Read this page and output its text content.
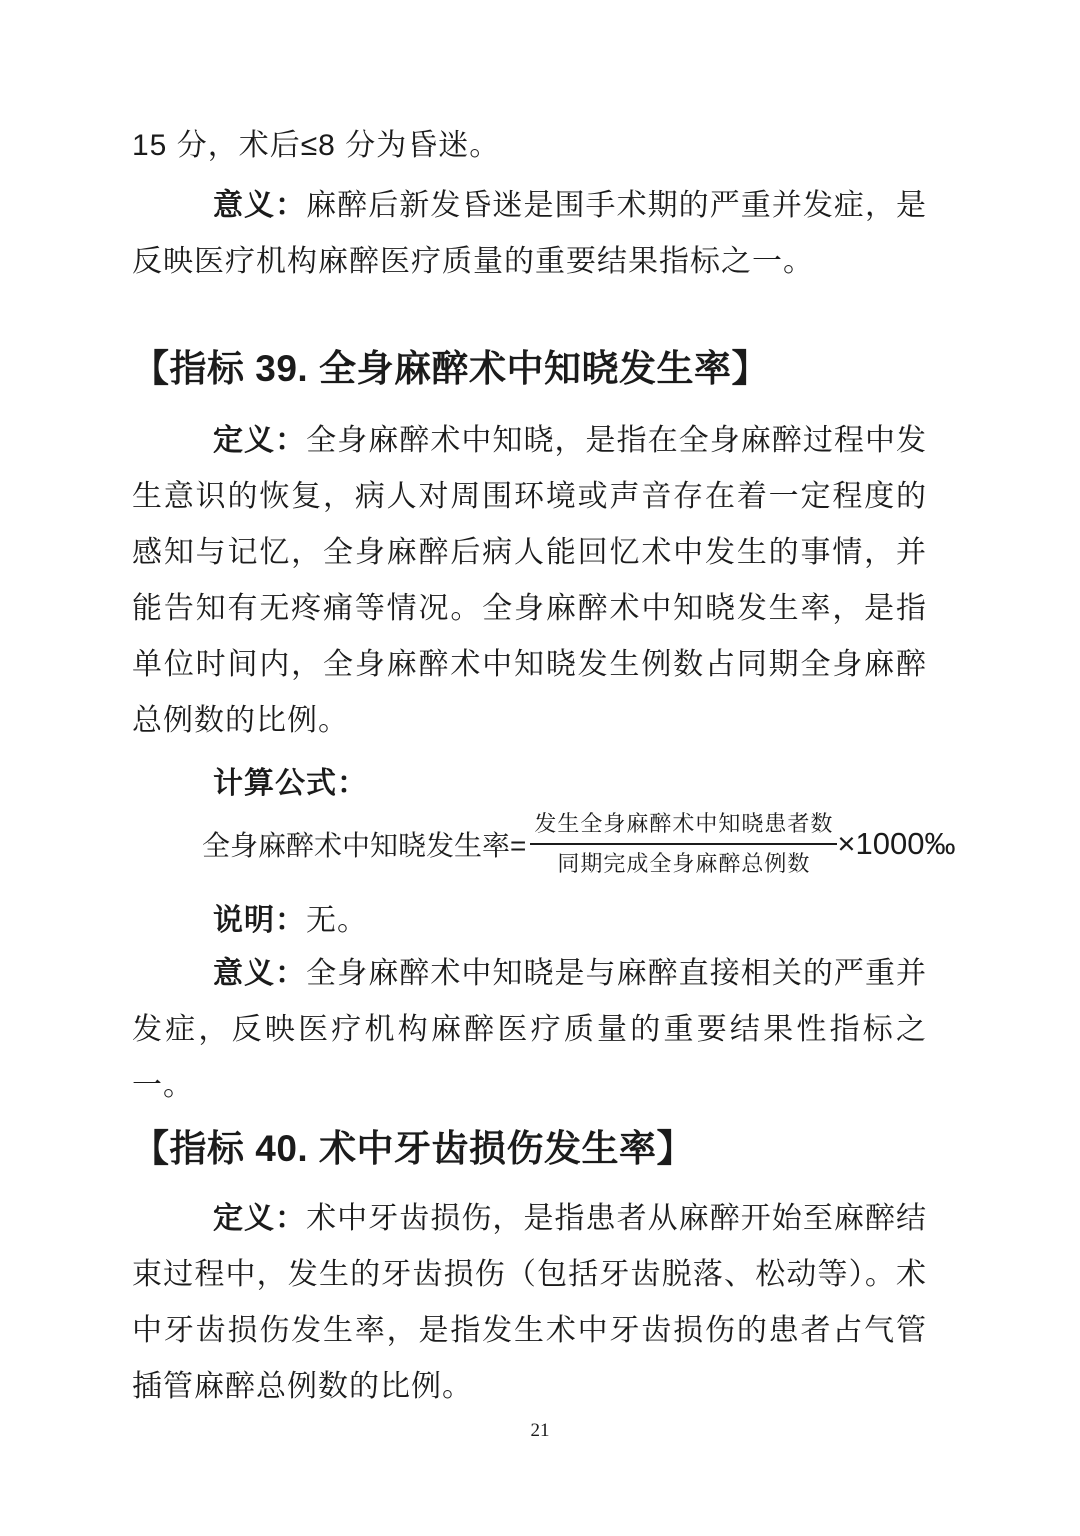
15 分，术后≤8 分为昏迷。

意义：麻醉后新发昏迷是围手术期的严重并发症，是反映医疗机构麻醉医疗质量的重要结果指标之一。

【指标 39. 全身麻醉术中知晓发生率】

定义：全身麻醉术中知晓，是指在全身麻醉过程中发生意识的恢复，病人对周围环境或声音存在着一定程度的感知与记忆，全身麻醉后病人能回忆术中发生的事情，并能告知有无疼痛等情况。全身麻醉术中知晓发生率，是指单位时间内，全身麻醉术中知晓发生例数占同期全身麻醉总例数的比例。

计算公式：

全身麻醉术中知晓发生率= $\frac{\text{发生全身麻醉术中知晓患者数}}{\text{同期完成全身麻醉总例数}}$ ×1000‰

说明：无。

意义：全身麻醉术中知晓是与麻醉直接相关的严重并发症，反映医疗机构麻醉医疗质量的重要结果性指标之一。

【指标 40. 术中牙齿损伤发生率】

定义：术中牙齿损伤，是指患者从麻醉开始至麻醉结束过程中，发生的牙齿损伤（包括牙齿脱落、松动等）。术中牙齿损伤发生率，是指发生术中牙齿损伤的患者占气管插管麻醉总例数的比例。

21
